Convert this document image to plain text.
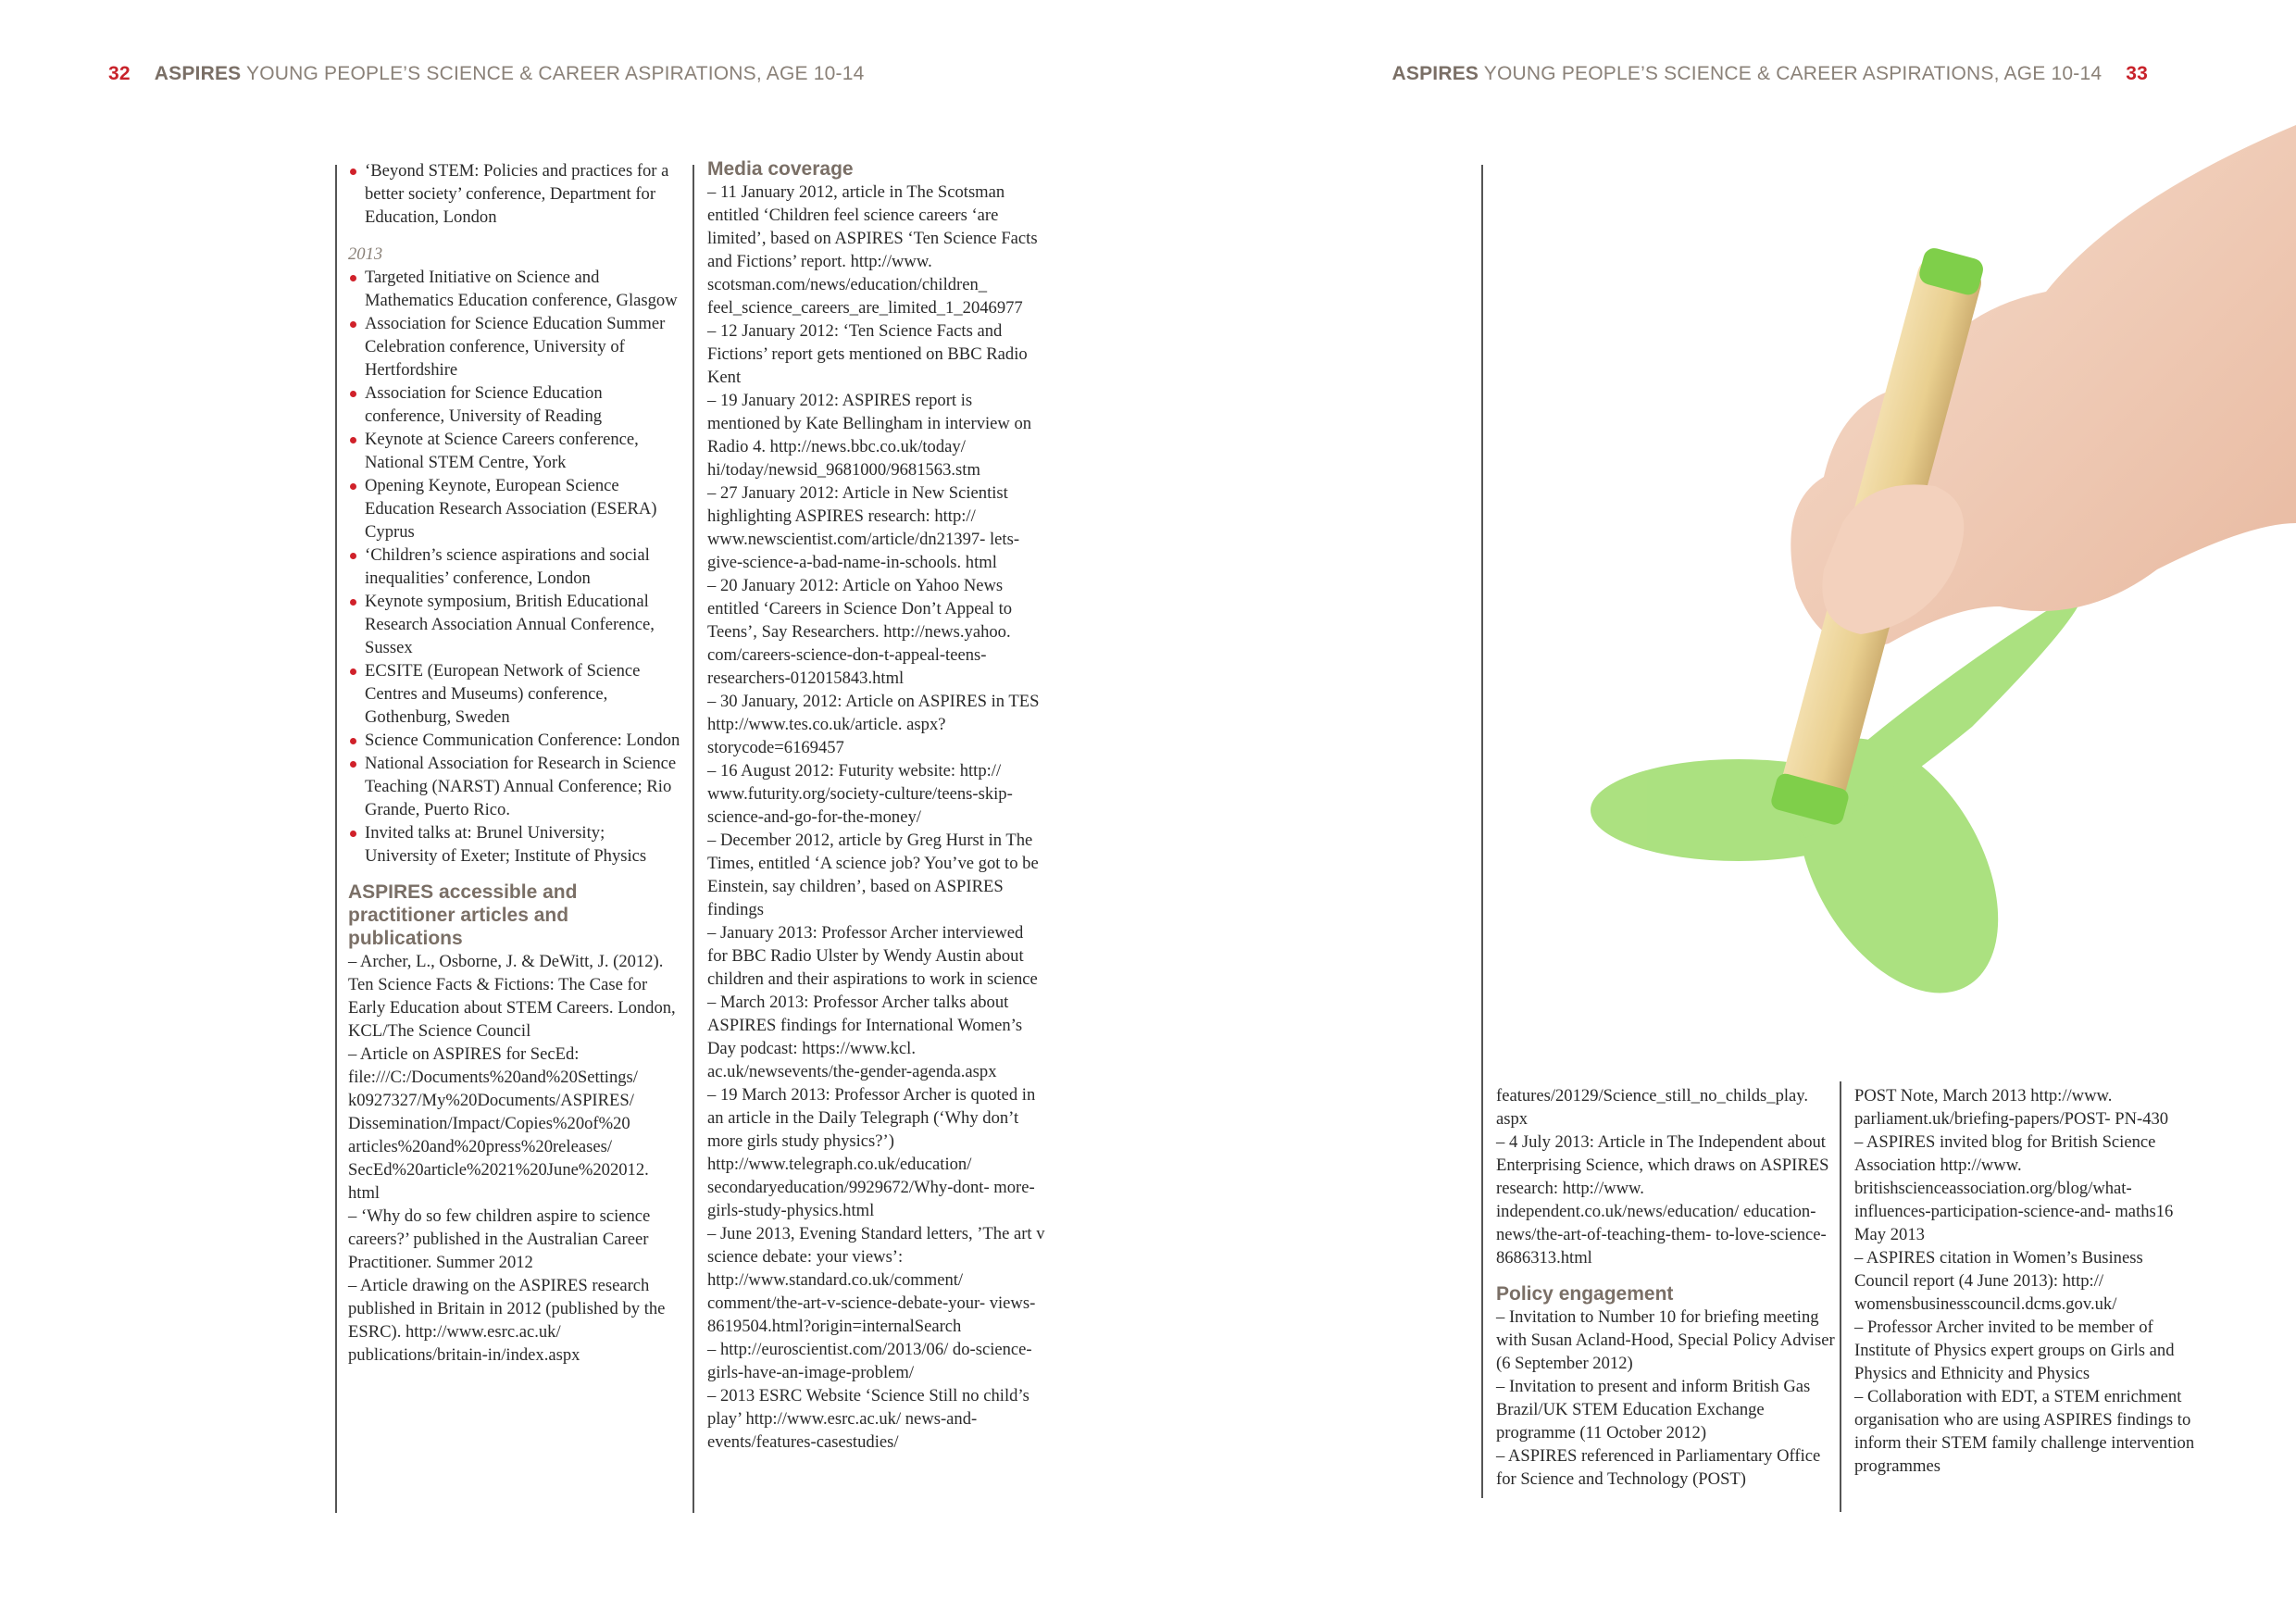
32 ASPIRES YOUNG PEOPLE’S SCIENCE & CAREER ASPIRATIONS, AGE 10-14	ASPIRES YOUNG PEOPLE’S SCIENCE & CAREER ASPIRATIONS, AGE 10-14 33
‘Beyond STEM: Policies and practices for a better society’ conference, Department for Education, London

2013

Targeted Initiative on Science and Mathematics Education conference, Glasgow
Association for Science Education Summer Celebration conference, University of Hertfordshire
Association for Science Education conference, University of Reading
Keynote at Science Careers conference, National STEM Centre, York
Opening Keynote, European Science Education Research Association (ESERA) Cyprus
‘Children’s science aspirations and social inequalities’ conference, London
Keynote symposium, British Educational Research Association Annual Conference, Sussex
ECSITE (European Network of Science Centres and Museums) conference, Gothenburg, Sweden
Science Communication Conference: London
National Association for Research in Science Teaching (NARST) Annual Conference; Rio Grande, Puerto Rico.
Invited talks at: Brunel University; University of Exeter; Institute of Physics
ASPIRES accessible and practitioner articles and publications

– Archer, L., Osborne, J. & DeWitt, J. (2012). Ten Science Facts & Fictions: The Case for Early Education about STEM Careers. London, KCL/The Science Council

– Article on ASPIRES for SecEd: file:///C:/Documents%20and%20Settings/ k0927327/My%20Documents/ASPIRES/ Dissemination/Impact/Copies%20of%20 articles%20and%20press%20releases/ SecEd%20article%2021%20June%202012. html

– ‘Why do so few children aspire to science careers?’ published in the Australian Career Practitioner. Summer 2012

– Article drawing on the ASPIRES research published in Britain in 2012 (published by the ESRC). http://www.esrc.ac.uk/ publications/britain-in/index.aspx

Media coverage

– 11 January 2012, article in The Scotsman entitled ‘Children feel science careers ‘are limited’, based on ASPIRES ‘Ten Science Facts and Fictions’ report. http://www. scotsman.com/news/education/children_ feel_science_careers_are_limited_1_2046977

– 12 January 2012: ‘Ten Science Facts and Fictions’ report gets mentioned on BBC Radio Kent

– 19 January 2012: ASPIRES report is mentioned by Kate Bellingham in interview on Radio 4. http://news.bbc.co.uk/today/ hi/today/newsid_9681000/9681563.stm

– 27 January 2012: Article in New Scientist highlighting ASPIRES research: http:// www.newscientist.com/article/dn21397- lets-give-science-a-bad-name-in-schools. html

– 20 January 2012: Article on Yahoo News entitled ‘Careers in Science Don’t Appeal to Teens’, Say Researchers. http://news.yahoo. com/careers-science-don-t-appeal-teens- researchers-012015843.html

– 30 January, 2012: Article on ASPIRES in TES http://www.tes.co.uk/article. aspx?storycode=6169457

– 16 August 2012: Futurity website: http:// www.futurity.org/society-culture/teens-skip- science-and-go-for-the-money/

– December 2012, article by Greg Hurst in The Times, entitled ‘A science job? You’ve got to be Einstein, say children’, based on ASPIRES findings

– January 2013: Professor Archer interviewed for BBC Radio Ulster by Wendy Austin about children and their aspirations to work in science

– March 2013: Professor Archer talks about ASPIRES findings for International Women’s Day podcast: https://www.kcl. ac.uk/newsevents/the-gender-agenda.aspx

– 19 March 2013: Professor Archer is quoted in an article in the Daily Telegraph (‘Why don’t more girls study physics?’) http://www.telegraph.co.uk/education/ secondaryeducation/9929672/Why-dont- more-girls-study-physics.html

– June 2013, Evening Standard letters, ’The art v science debate: your views’: http://www.standard.co.uk/comment/ comment/the-art-v-science-debate-your- views-8619504.html?origin=internalSearch

– http://euroscientist.com/2013/06/ do-science-girls-have-an-image-problem/

– 2013 ESRC Website ‘Science Still no child’s play’ http://www.esrc.ac.uk/ news-and-events/features-casestudies/

features/20129/Science_still_no_childs_play. aspx

– 4 July 2013: Article in The Independent about Enterprising Science, which draws on ASPIRES research: http://www. independent.co.uk/news/education/ education-news/the-art-of-teaching-them- to-love-science-8686313.html

Policy engagement

– Invitation to Number 10 for briefing meeting with Susan Acland-Hood, Special Policy Adviser (6 September 2012)

– Invitation to present and inform British Gas Brazil/UK STEM Education Exchange programme (11 October 2012)

– ASPIRES referenced in Parliamentary Office for Science and Technology (POST)

POST Note, March 2013 http://www. parliament.uk/briefing-papers/POST- PN-430

– ASPIRES invited blog for British Science Association http://www. britishscienceassociation.org/blog/what- influences-participation-science-and- maths16 May 2013

– ASPIRES citation in Women’s Business Council report (4 June 2013): http:// womensbusinesscouncil.dcms.gov.uk/

– Professor Archer invited to be member of Institute of Physics expert groups on Girls and Physics and Ethnicity and Physics

– Collaboration with EDT, a STEM enrichment organisation who are using ASPIRES findings to inform their STEM family challenge intervention programmes
